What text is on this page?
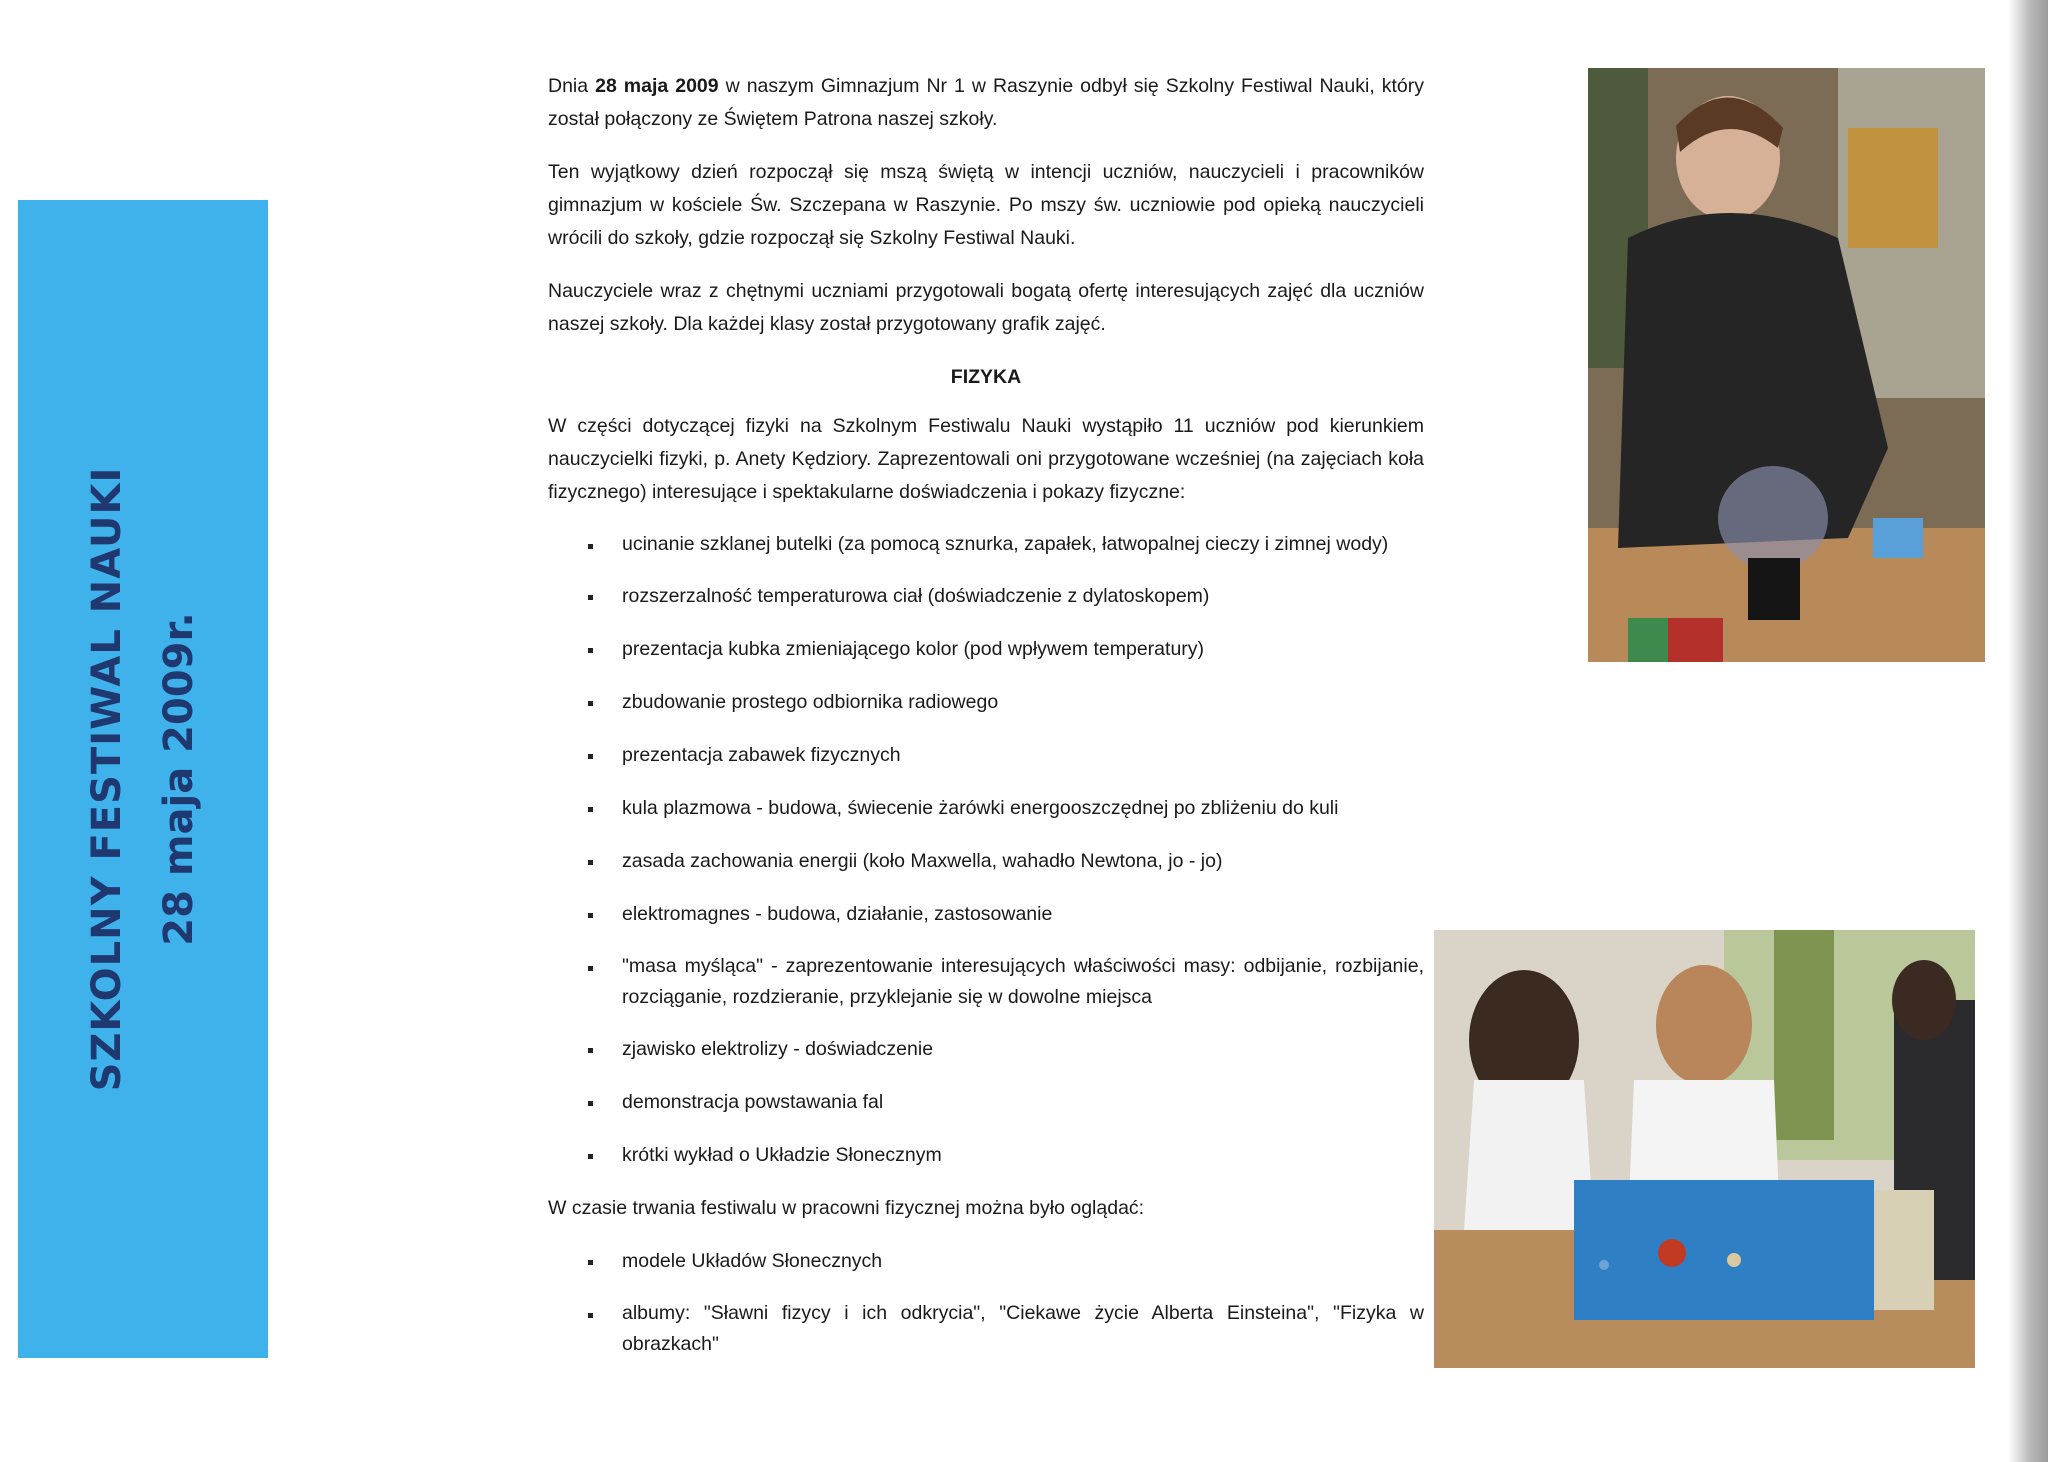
SZKOLNY FESTIWAL NAUKI 28 maja 2009r.

Dnia 28 maja 2009 w naszym Gimnazjum Nr 1 w Raszynie odbył się Szkolny Festiwal Nauki, który został połączony ze Świętem Patrona naszej szkoły.

Ten wyjątkowy dzień rozpoczął się mszą świętą w intencji uczniów, nauczycieli i pracowników gimnazjum w kościele Św. Szczepana w Raszynie. Po mszy św. uczniowie pod opieką nauczycieli wrócili do szkoły, gdzie rozpoczął się Szkolny Festiwal Nauki.

Nauczyciele wraz z chętnymi uczniami przygotowali bogatą ofertę interesujących zajęć dla uczniów naszej szkoły. Dla każdej klasy został przygotowany grafik zajęć.

FIZYKA

W części dotyczącej fizyki na Szkolnym Festiwalu Nauki wystąpiło 11 uczniów pod kierunkiem nauczycielki fizyki, p. Anety Kędziory. Zaprezentowali oni przygotowane wcześniej (na zajęciach koła fizycznego) interesujące i spektakularne doświadczenia i pokazy fizyczne:

ucinanie szklanej butelki (za pomocą sznurka, zapałek, łatwopalnej cieczy i zimnej wody)
rozszerzalność temperaturowa ciał (doświadczenie z dylatoskopem)
prezentacja kubka zmieniającego kolor (pod wpływem temperatury)
zbudowanie prostego odbiornika radiowego
prezentacja zabawek fizycznych
kula plazmowa - budowa, świecenie żarówki energooszczędnej po zbliżeniu do kuli
zasada zachowania energii (koło Maxwella, wahadło Newtona, jo - jo)
elektromagnes - budowa, działanie, zastosowanie
"masa myśląca" - zaprezentowanie interesujących właściwości masy: odbijanie, rozbijanie, rozciąganie, rozdzieranie, przyklejanie się w dowolne miejsca
zjawisko elektrolizy - doświadczenie
demonstracja powstawania fal
krótki wykład o Układzie Słonecznym

W czasie trwania festiwalu w pracowni fizycznej można było oglądać:

modele Układów Słonecznych
albumy: "Sławni fizycy i ich odkrycia", "Ciekawe życie Alberta Einsteina", "Fizyka w obrazkach"
